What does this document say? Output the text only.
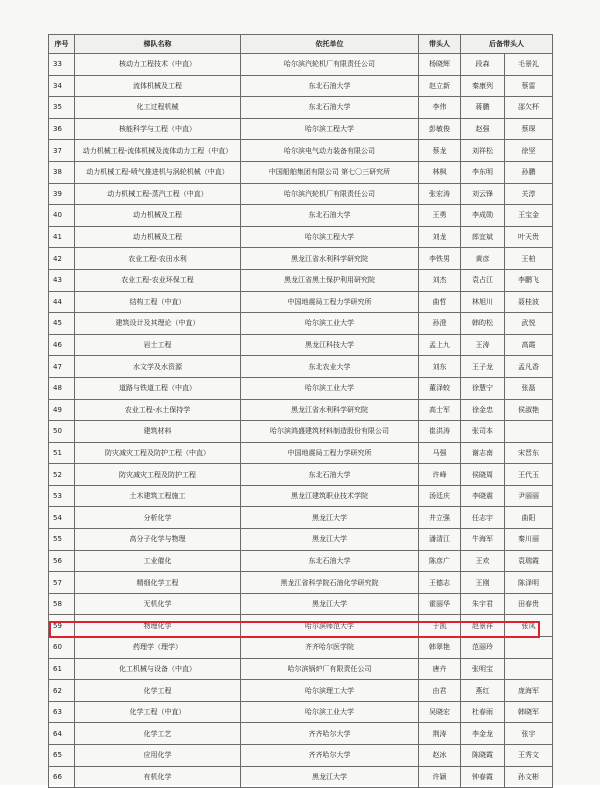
序号	梯队名称	依托单位	带头人	后备带头人	
33	核动力工程技术（中直）	哈尔滨汽轮机厂有限责任公司	杨晓辉	段森	毛景礼
34	流体机械及工程	东北石油大学	赵立新	秦康列	蔡雷
35	化工过程机械	东北石油大学	李伟	蒋鹏	邵欠杯
36	核能科学与工程（中直）	哈尔滨工程大学	彭敏俊	赵强	蔡琛
37	动力机械工程-流体机械及流体动力工程（中直）	哈尔滨电气动力装备有限公司	蔡龙	刘祥松	徐坚
38	动力机械工程-喷气推进机与涡轮机械（中直）	中国船舶集团有限公司 第七〇三研究所	林枫	李东明	孙鹏
39	动力机械工程-蒸汽工程（中直）	哈尔滨汽轮机厂有限责任公司	张宏涛	刘云锋	关淳
40	动力机械及工程	东北石油大学	王勇	李成勋	王宝金
41	动力机械及工程	哈尔滨工程大学	刘龙	郎宜斌	叶天贵
42	农业工程-农田水利	黑龙江省水利科学研究院	李铁男	黄彦	王柏
43	农业工程-农业环保工程	黑龙江省黑土保护利用研究院	刘杰	袁占江	李鹏飞
44	结构工程（中直）	中国地震局工程力学研究所	曲哲	林旭川	聂桂波
45	建筑设计及其理论（中直）	哈尔滨工业大学	孙澄	韩昀松	武悦
46	岩土工程	黑龙江科技大学	孟上九	王涛	高霞
47	水文学及水资源	东北农业大学	刘东	王子龙	孟凡香
48	道路与铁道工程（中直）	哈尔滨工业大学	董泽蛟	徐慧宁	张磊
49	农业工程-水土保持学	黑龙江省水利科学研究院	高士军	徐金忠	侯淑艳
50	建筑材料	哈尔滨鸿盛建筑材料制造股份有限公司	崔洪涛	张司本	
51	防灾减灾工程及防护工程（中直）	中国地震局工程力学研究所	马强	谢志南	宋晋东
52	防灾减灾工程及防护工程	东北石油大学	许峰	侯晓周	王代玉
53	土木建筑工程施工	黑龙江建筑职业技术学院	汤廷庆	李晓震	尹丽丽
54	分析化学	黑龙江大学	井立强	任志宇	曲阳
55	高分子化学与物理	黑龙江大学	潘清江	牛海军	秦川丽
56	工业催化	东北石油大学	陈彦广	王欢	袁瑞霞
57	精细化学工程	黑龙江省科学院石油化学研究院	王德志	王刚	陈泽明
58	无机化学	黑龙江大学	霍丽华	朱宇君	田春贵
59	物理化学	哈尔滨师范大学	于凯	赵景祥	张凤
60	药理学（理学）	齐齐哈尔医学院	韩翠艳	范丽玲	
61	化工机械与设备（中直）	哈尔滨锅炉厂有限责任公司	唐卉	张明宝	
62	化学工程	哈尔滨理工大学	由君	燕红	庞海军
63	化学工程（中直）	哈尔滨工业大学	吴晓宏	杜春雨	韩晓军
64	化学工艺	齐齐哈尔大学	荆涛	李金龙	张宇
65	应用化学	齐齐哈尔大学	赵冰	陈晓霞	王秀文
66	有机化学	黑龙江大学	许颖	钟春霞	孙文彬
